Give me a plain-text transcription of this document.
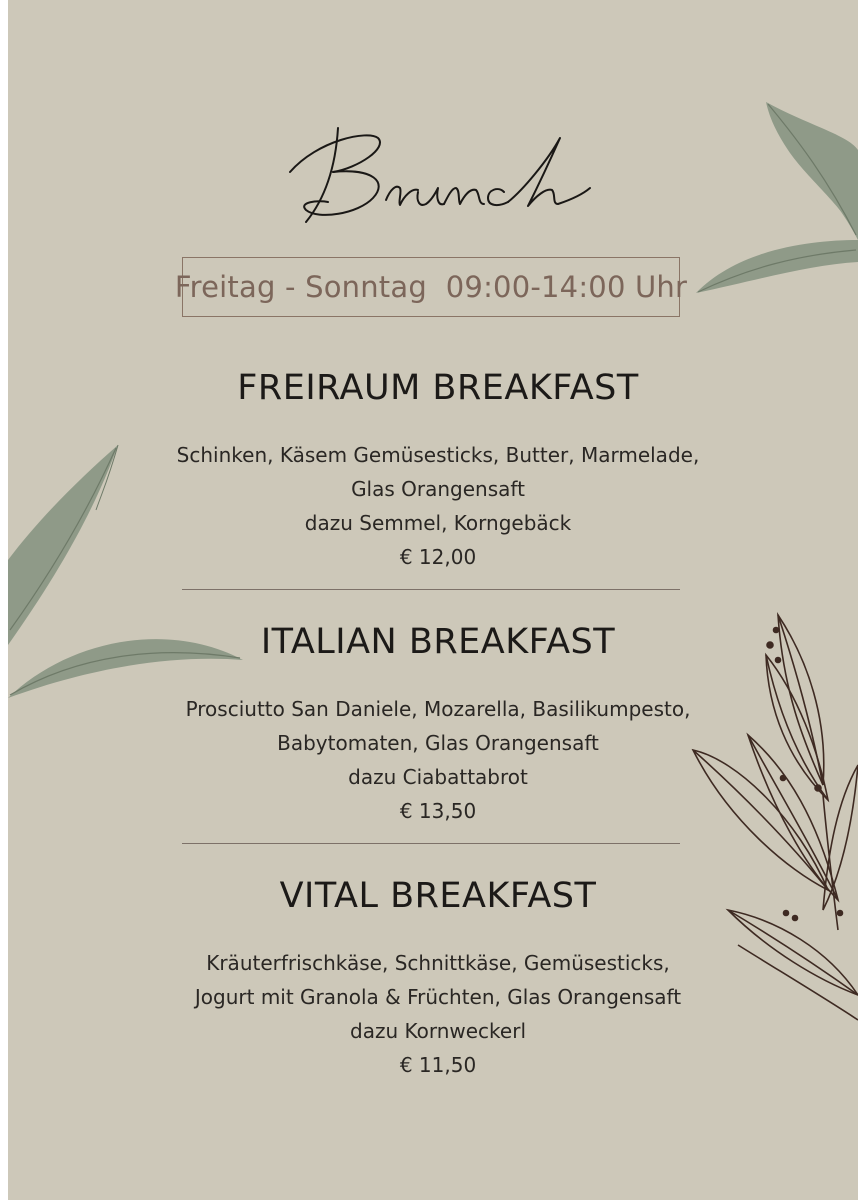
Freitag - Sonntag  09:00-14:00 Uhr
FREIRAUM BREAKFAST
Schinken, Käsem Gemüsesticks, Butter, Marmelade,
Glas Orangensaft
dazu Semmel, Korngebäck
€ 12,00
ITALIAN BREAKFAST
Prosciutto San Daniele, Mozarella, Basilikumpesto,
Babytomaten, Glas Orangensaft
dazu Ciabattabrot
€ 13,50
VITAL BREAKFAST
Kräuterfrischkäse, Schnittkäse, Gemüsesticks,
Jogurt mit Granola & Früchten, Glas Orangensaft
dazu Kornweckerl
€ 11,50
